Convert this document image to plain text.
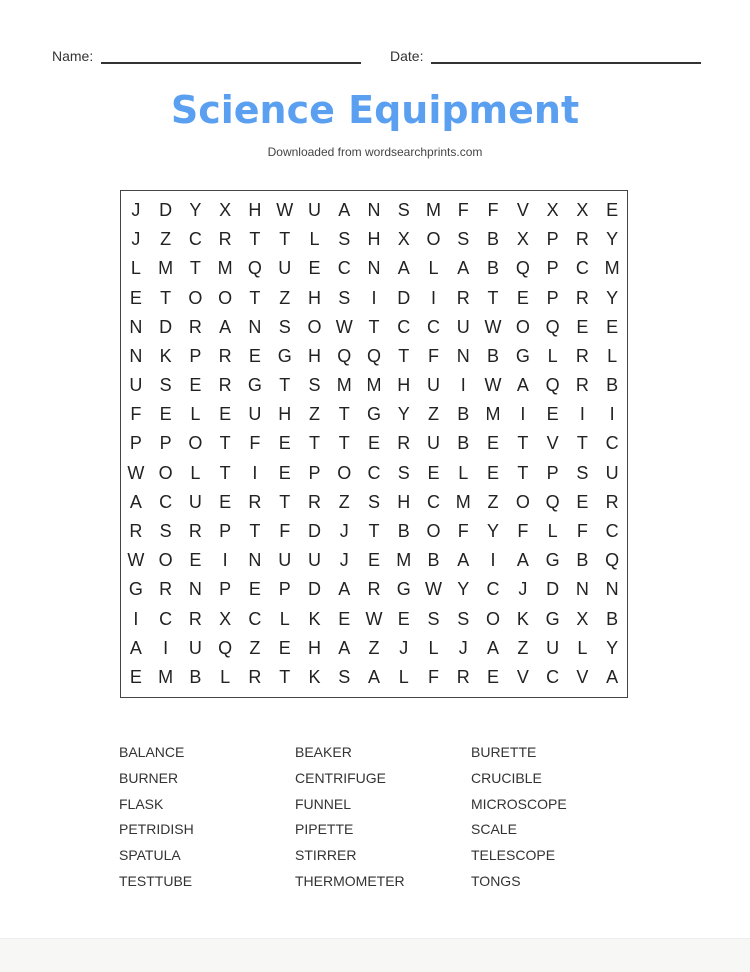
Name:	Date:
Science Equipment
Downloaded from wordsearchprints.com
J	D Y X H W U A N S M F	F	V X X E
J	Z C R T	T	L	S H X O S B X P R Y
L M T M Q U E C N A	L	A B Q P C M
E	T O O T	Z H S	I	D	I	R T	E P R Y
N D R A N S O W T C C U W O Q E E
N K P R E G H Q Q T	F N B G L	R	L
U S E R G T	S M M H U	I	W A Q R B
F	E	L	E U H Z	T G Y	Z	B M	I	E	I	I
P P O T	F	E	T	T	E R U B E	T	V	T C
W O L	T	I	E P O C S E	L	E	T	P S U
A C U E R T R Z	S H C M Z O Q E R
R S R P	T	F D	J	T	B O F	Y	F	L	F C
W O E	I	N U U	J	E M B A	I	A G B Q
G R N P E P D A R G W Y C	J	D N N
I	C R X C	L	K E W E S S O K G X B
A	I	U Q Z	E H A	Z	J	L	J	A	Z U	L	Y
E M B	L	R T	K S A	L	F R E V C V A
BALANCE	BEAKER	BURETTE
BURNER	CENTRIFUGE	CRUCIBLE
FLASK	FUNNEL	MICROSCOPE
PETRIDISH	PIPETTE	SCALE
SPATULA	STIRRER	TELESCOPE
TESTTUBE	THERMOMETER	TONGS
